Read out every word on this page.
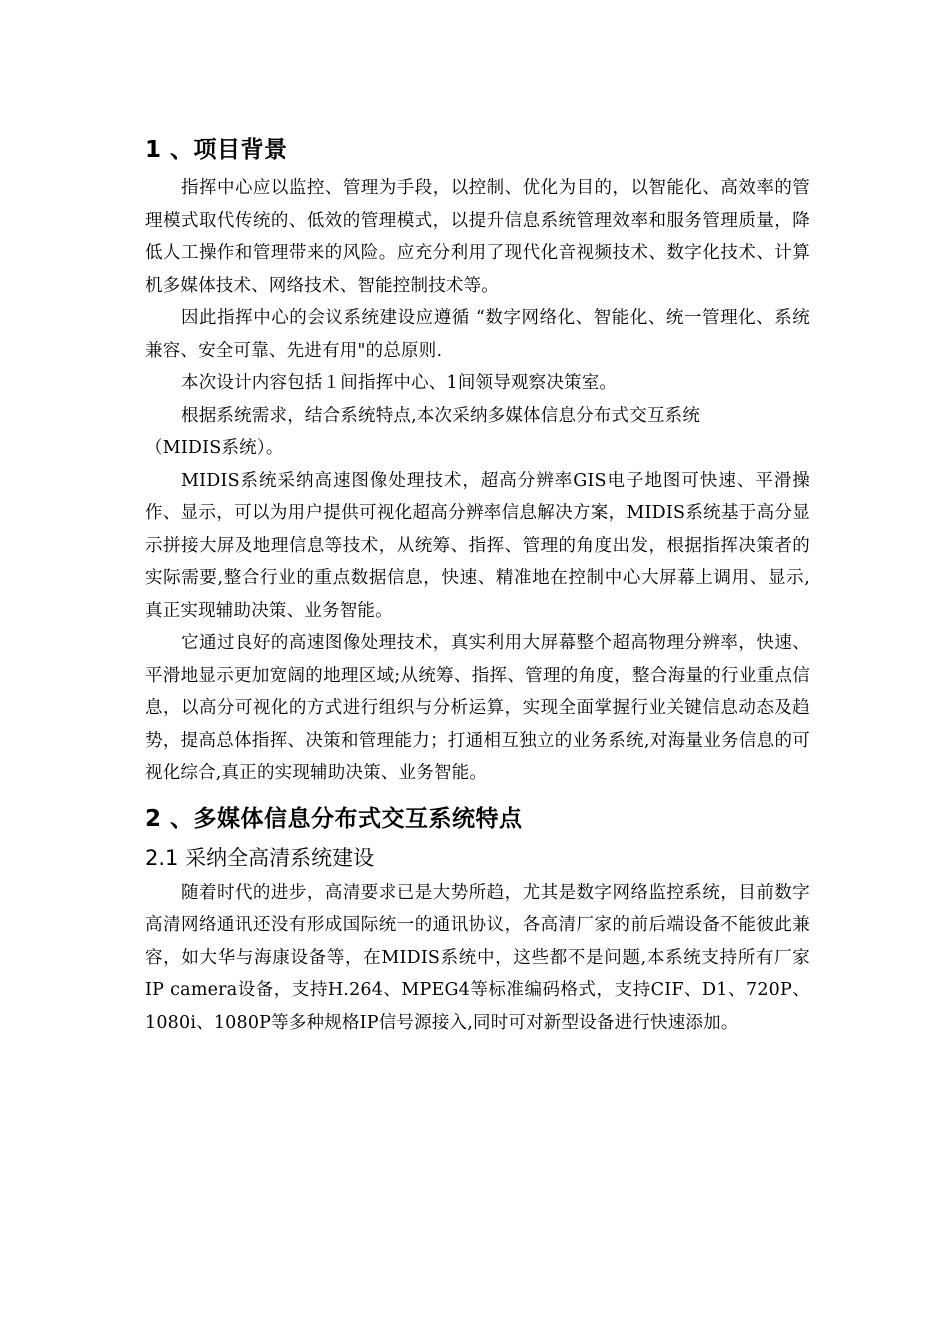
1 、项目背景

指挥中心应以监控、管理为手段，以控制、优化为目的，以智能化、高效率的管理模式取代传统的、低效的管理模式，以提升信息系统管理效率和服务管理质量，降低人工操作和管理带来的风险。应充分利用了现代化音视频技术、数字化技术、计算机多媒体技术、网络技术、智能控制技术等。

因此指挥中心的会议系统建设应遵循 “数字网络化、智能化、统一管理化、系统兼容、安全可靠、先进有用"的总原则.

本次设计内容包括１间指挥中心、1间领导观察决策室。

根据系统需求，结合系统特点,本次采纳多媒体信息分布式交互系统

（MIDIS系统）。

MIDIS系统采纳高速图像处理技术，超高分辨率GIS电子地图可快速、平滑操作、显示，可以为用户提供可视化超高分辨率信息解决方案，MIDIS系统基于高分显示拼接大屏及地理信息等技术，从统筹、指挥、管理的角度出发，根据指挥决策者的实际需要,整合行业的重点数据信息，快速、精准地在控制中心大屏幕上调用、显示,真正实现辅助决策、业务智能。

它通过良好的高速图像处理技术，真实利用大屏幕整个超高物理分辨率，快速、平滑地显示更加宽阔的地理区域;从统筹、指挥、管理的角度，整合海量的行业重点信息，以高分可视化的方式进行组织与分析运算，实现全面掌握行业关键信息动态及趋势，提高总体指挥、决策和管理能力；打通相互独立的业务系统,对海量业务信息的可视化综合,真正的实现辅助决策、业务智能。

2 、多媒体信息分布式交互系统特点
2.1 采纳全高清系统建设

随着时代的进步，高清要求已是大势所趋，尤其是数字网络监控系统，目前数字高清网络通讯还没有形成国际统一的通讯协议，各高清厂家的前后端设备不能彼此兼容，如大华与海康设备等，在MIDIS系统中，这些都不是问题,本系统支持所有厂家IP camera设备，支持H.264、MPEG4等标准编码格式，支持CIF、D1、720P、1080i、1080P等多种规格IP信号源接入,同时可对新型设备进行快速添加。
